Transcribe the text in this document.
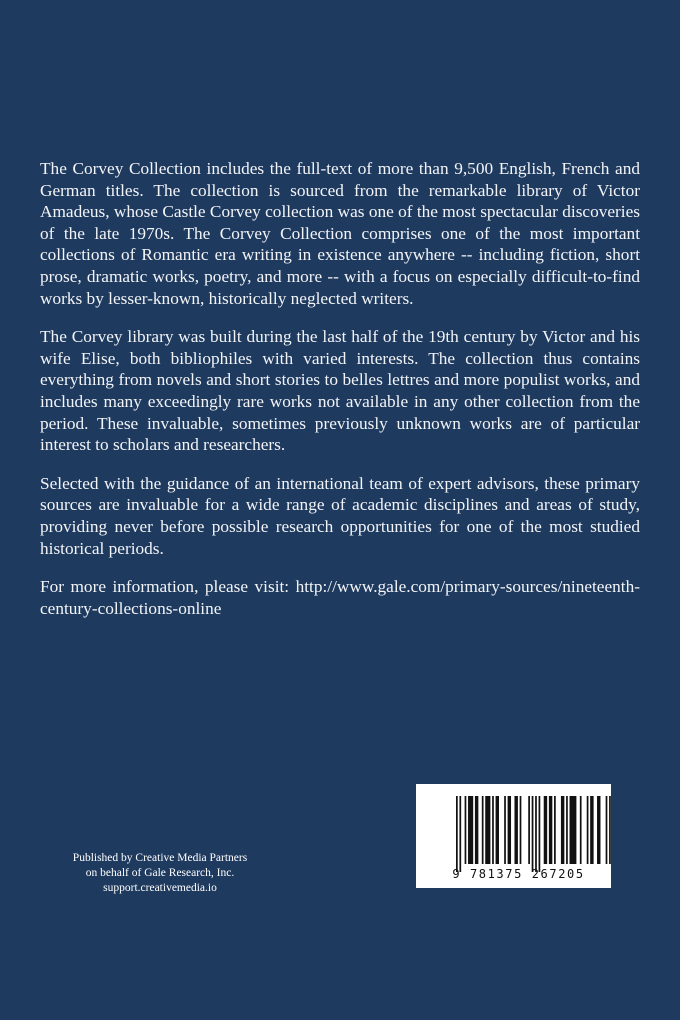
The Corvey Collection includes the full-text of more than 9,500 English, French and German titles. The collection is sourced from the remarkable library of Victor Amadeus, whose Castle Corvey collection was one of the most spectacular discoveries of the late 1970s. The Corvey Collection comprises one of the most important collections of Romantic era writing in existence anywhere -- including fiction, short prose, dramatic works, poetry, and more -- with a focus on especially difficult-to-find works by lesser-known, historically neglected writers.

The Corvey library was built during the last half of the 19th century by Victor and his wife Elise, both bibliophiles with varied interests. The collection thus contains everything from novels and short stories to belles lettres and more populist works, and includes many exceedingly rare works not available in any other collection from the period. These invaluable, sometimes previously unknown works are of particular interest to scholars and researchers.

Selected with the guidance of an international team of expert advisors, these primary sources are invaluable for a wide range of academic disciplines and areas of study, providing never before possible research opportunities for one of the most studied historical periods.

For more information, please visit: http://www.gale.com/primary-sources/nineteenth-century-collections-online

Published by Creative Media Partners
on behalf of Gale Research, Inc.
support.creativemedia.io
9 781375 267205
